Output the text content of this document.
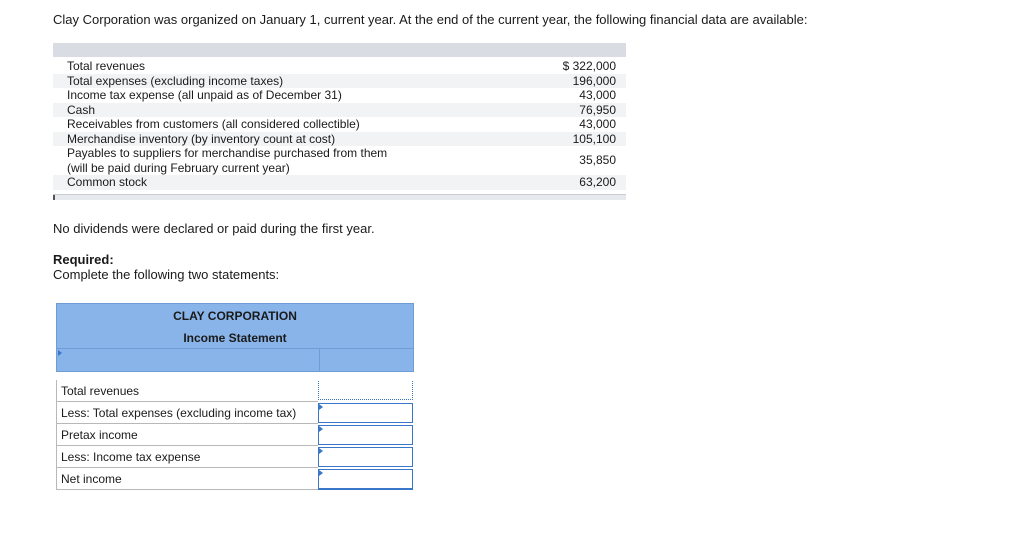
Clay Corporation was organized on January 1, current year. At the end of the current year, the following financial data are available:
Total revenues	$ 322,000
Total expenses (excluding income taxes)	196,000
Income tax expense (all unpaid as of December 31)	43,000
Cash	76,950
Receivables from customers (all considered collectible)	43,000
Merchandise inventory (by inventory count at cost)	105,100
Payables to suppliers for merchandise purchased from them
(will be paid during February current year)
35,850
Common stock	63,200
No dividends were declared or paid during the first year.
Required:
Complete the following two statements:
CLAY CORPORATION
Income Statement
Total revenues
Less: Total expenses (excluding income tax)
Pretax income
Less: Income tax expense
Net income
